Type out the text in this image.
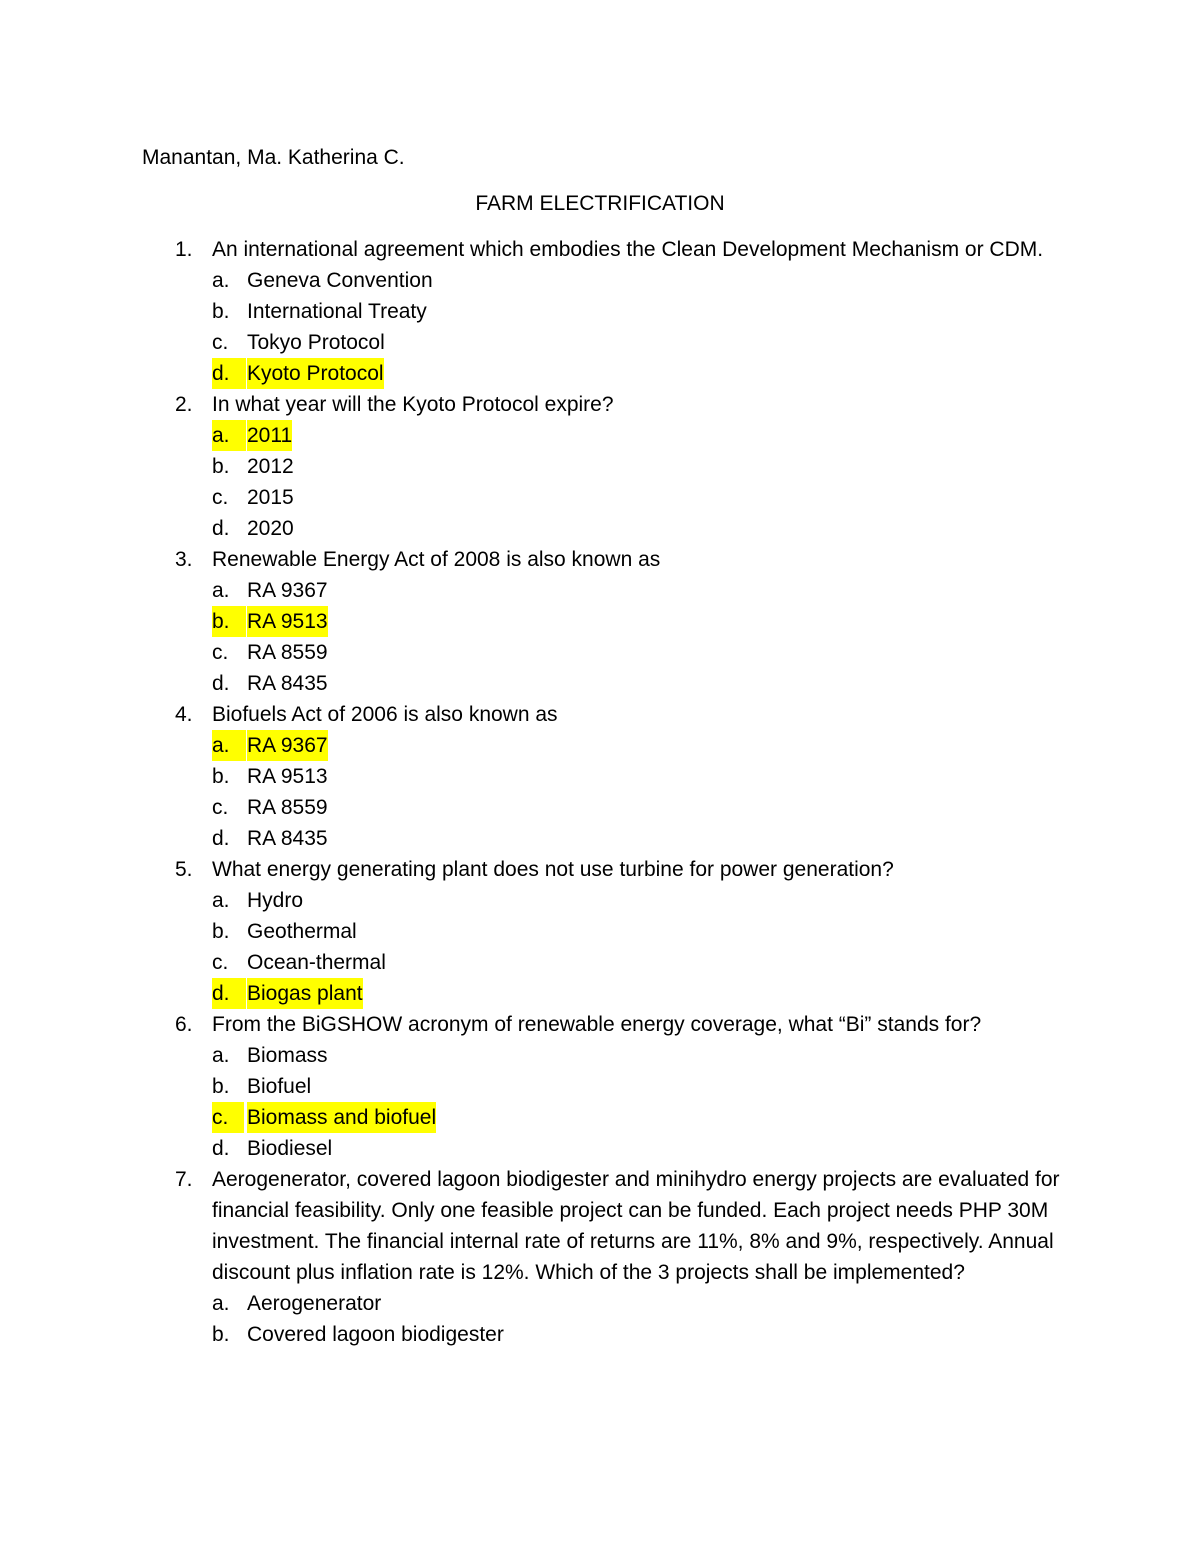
Manantan, Ma. Katherina C.
FARM ELECTRIFICATION
1. An international agreement which embodies the Clean Development Mechanism or CDM.
a. Geneva Convention
b. International Treaty
c. Tokyo Protocol
d. Kyoto Protocol
2. In what year will the Kyoto Protocol expire?
a. 2011
b. 2012
c. 2015
d. 2020
3. Renewable Energy Act of 2008 is also known as
a. RA 9367
b. RA 9513
c. RA 8559
d. RA 8435
4. Biofuels Act of 2006 is also known as
a. RA 9367
b. RA 9513
c. RA 8559
d. RA 8435
5. What energy generating plant does not use turbine for power generation?
a. Hydro
b. Geothermal
c. Ocean-thermal
d. Biogas plant
6. From the BiGSHOW acronym of renewable energy coverage, what “Bi” stands for?
a. Biomass
b. Biofuel
c. Biomass and biofuel
d. Biodiesel
7. Aerogenerator, covered lagoon biodigester and minihydro energy projects are evaluated for financial feasibility. Only one feasible project can be funded. Each project needs PHP 30M investment. The financial internal rate of returns are 11%, 8% and 9%, respectively. Annual discount plus inflation rate is 12%. Which of the 3 projects shall be implemented?
a. Aerogenerator
b. Covered lagoon biodigester
